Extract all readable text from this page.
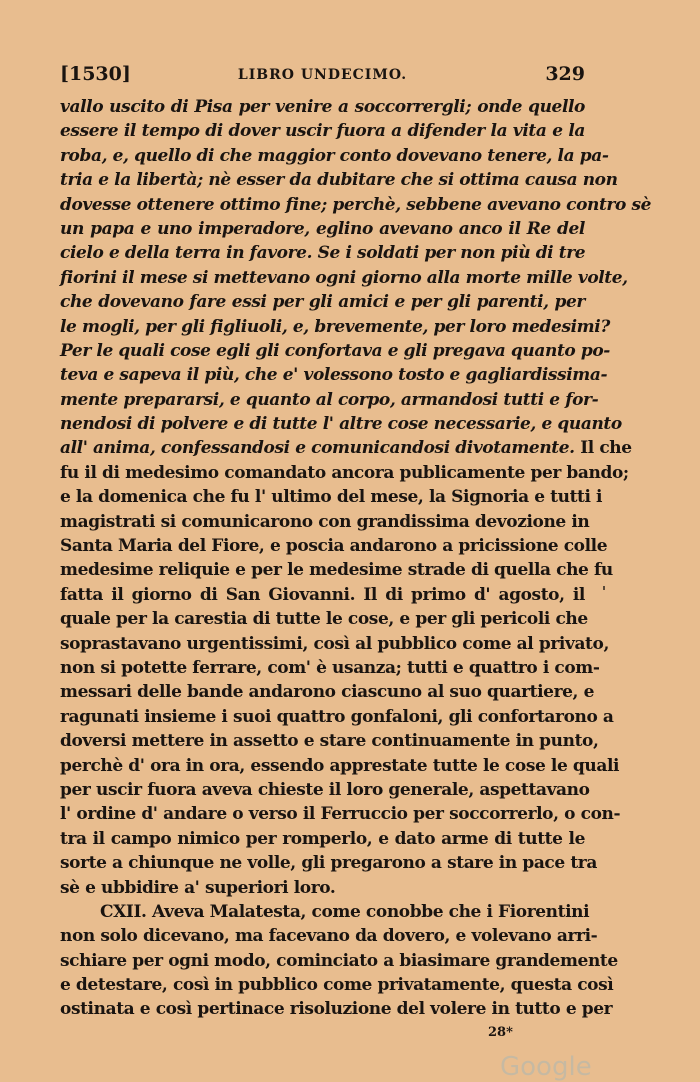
[1530]	LIBRO UNDECIMO.	329
vallo uscito di Pisa per venire a soccorrergli; onde quello
essere il tempo di dover uscir fuora a difender la vita e la
roba, e, quello di che maggior conto dovevano tenere, la pa-
tria e la libertà; nè esser da dubitare che si ottima causa non
dovesse ottenere ottimo fine; perchè, sebbene avevano contro sè
un papa e uno imperadore, eglino avevano anco il Re del
cielo e della terra in favore. Se i soldati per non più di tre
fiorini il mese si mettevano ogni giorno alla morte mille volte,
che dovevano fare essi per gli amici e per gli parenti, per
le mogli, per gli figliuoli, e, brevemente, per loro medesimi?
Per le quali cose egli gli confortava e gli pregava quanto po-
teva e sapeva il più, che e' volessono tosto e gagliardissima-
mente prepararsi, e quanto al corpo, armandosi tutti e for-
nendosi di polvere e di tutte l' altre cose necessarie, e quanto
all' anima, confessandosi e comunicandosi divotamente. Il che
fu il di medesimo comandato ancora publicamente per bando;
e la domenica che fu l' ultimo del mese, la Signoria e tutti i
magistrati si comunicarono con grandissima devozione in
Santa Maria del Fiore, e poscia andarono a pricissione colle
medesime reliquie e per le medesime strade di quella che fu
fatta il giorno di San Giovanni. Il di primo d' agosto, il
quale per la carestia di tutte le cose, e per gli pericoli che
soprastavano urgentissimi, così al pubblico come al privato,
non si potette ferrare, com' è usanza; tutti e quattro i com-
messari delle bande andarono ciascuno al suo quartiere, e
ragunati insieme i suoi quattro gonfaloni, gli confortarono a
doversi mettere in assetto e stare continuamente in punto,
perchè d' ora in ora, essendo apprestate tutte le cose le quali
per uscir fuora aveva chieste il loro generale, aspettavano
l' ordine d' andare o verso il Ferruccio per soccorrerlo, o con-
tra il campo nimico per romperlo, e dato arme di tutte le
sorte a chiunque ne volle, gli pregarono a stare in pace tra
sè e ubbidire a' superiori loro.
CXII. Aveva Malatesta, come conobbe che i Fiorentini
non solo dicevano, ma facevano da dovero, e volevano arri-
schiare per ogni modo, cominciato a biasimare grandemente
e detestare, così in pubblico come privatamente, questa così
ostinata e così pertinace risoluzione del volere in tutto e per
28*
Google
